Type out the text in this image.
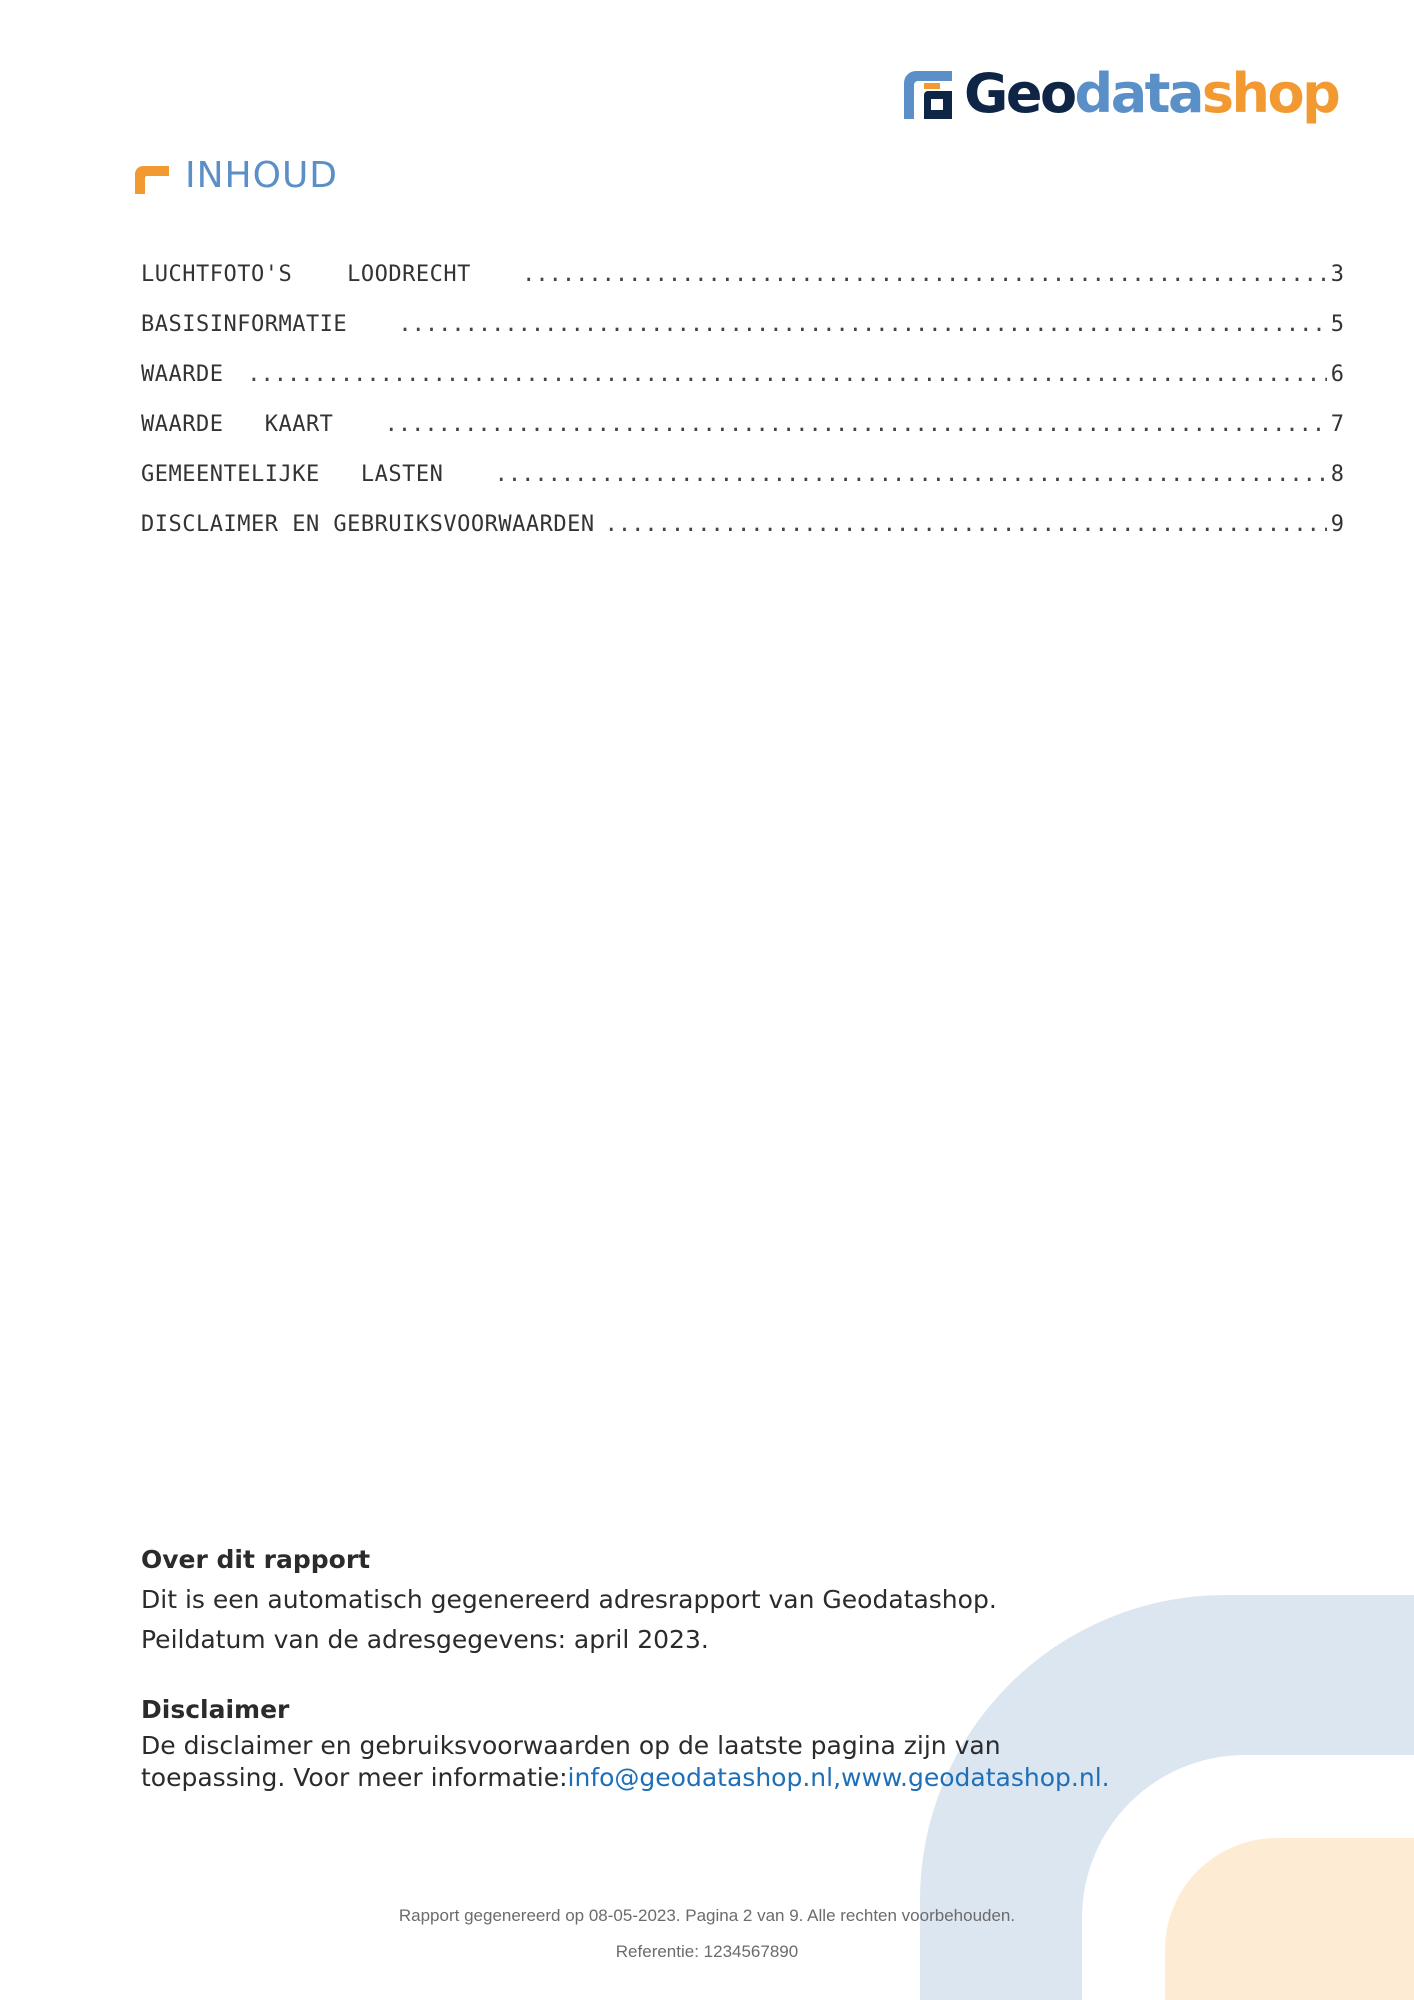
Geodatashop
INHOUD
LUCHTFOTO'S    LOODRECHT .....	3
BASISINFORMATIE .....	5
WAARDE .....	6
WAARDE   KAART .....	7
GEMEENTELIJKE   LASTEN .....	8
DISCLAIMER EN GEBRUIKSVOORWAARDEN .....	9
Over dit rapport
Dit is een automatisch gegenereerd adresrapport van Geodatashop.
Peildatum van de adresgegevens: april 2023.
Disclaimer
De disclaimer en gebruiksvoorwaarden op de laatste pagina zijn van
toepassing. Voor meer informatie:info@geodatashop.nl,www.geodatashop.nl.
Rapport gegenereerd op 08-05-2023. Pagina 2 van 9. Alle rechten voorbehouden.
Referentie: 1234567890
